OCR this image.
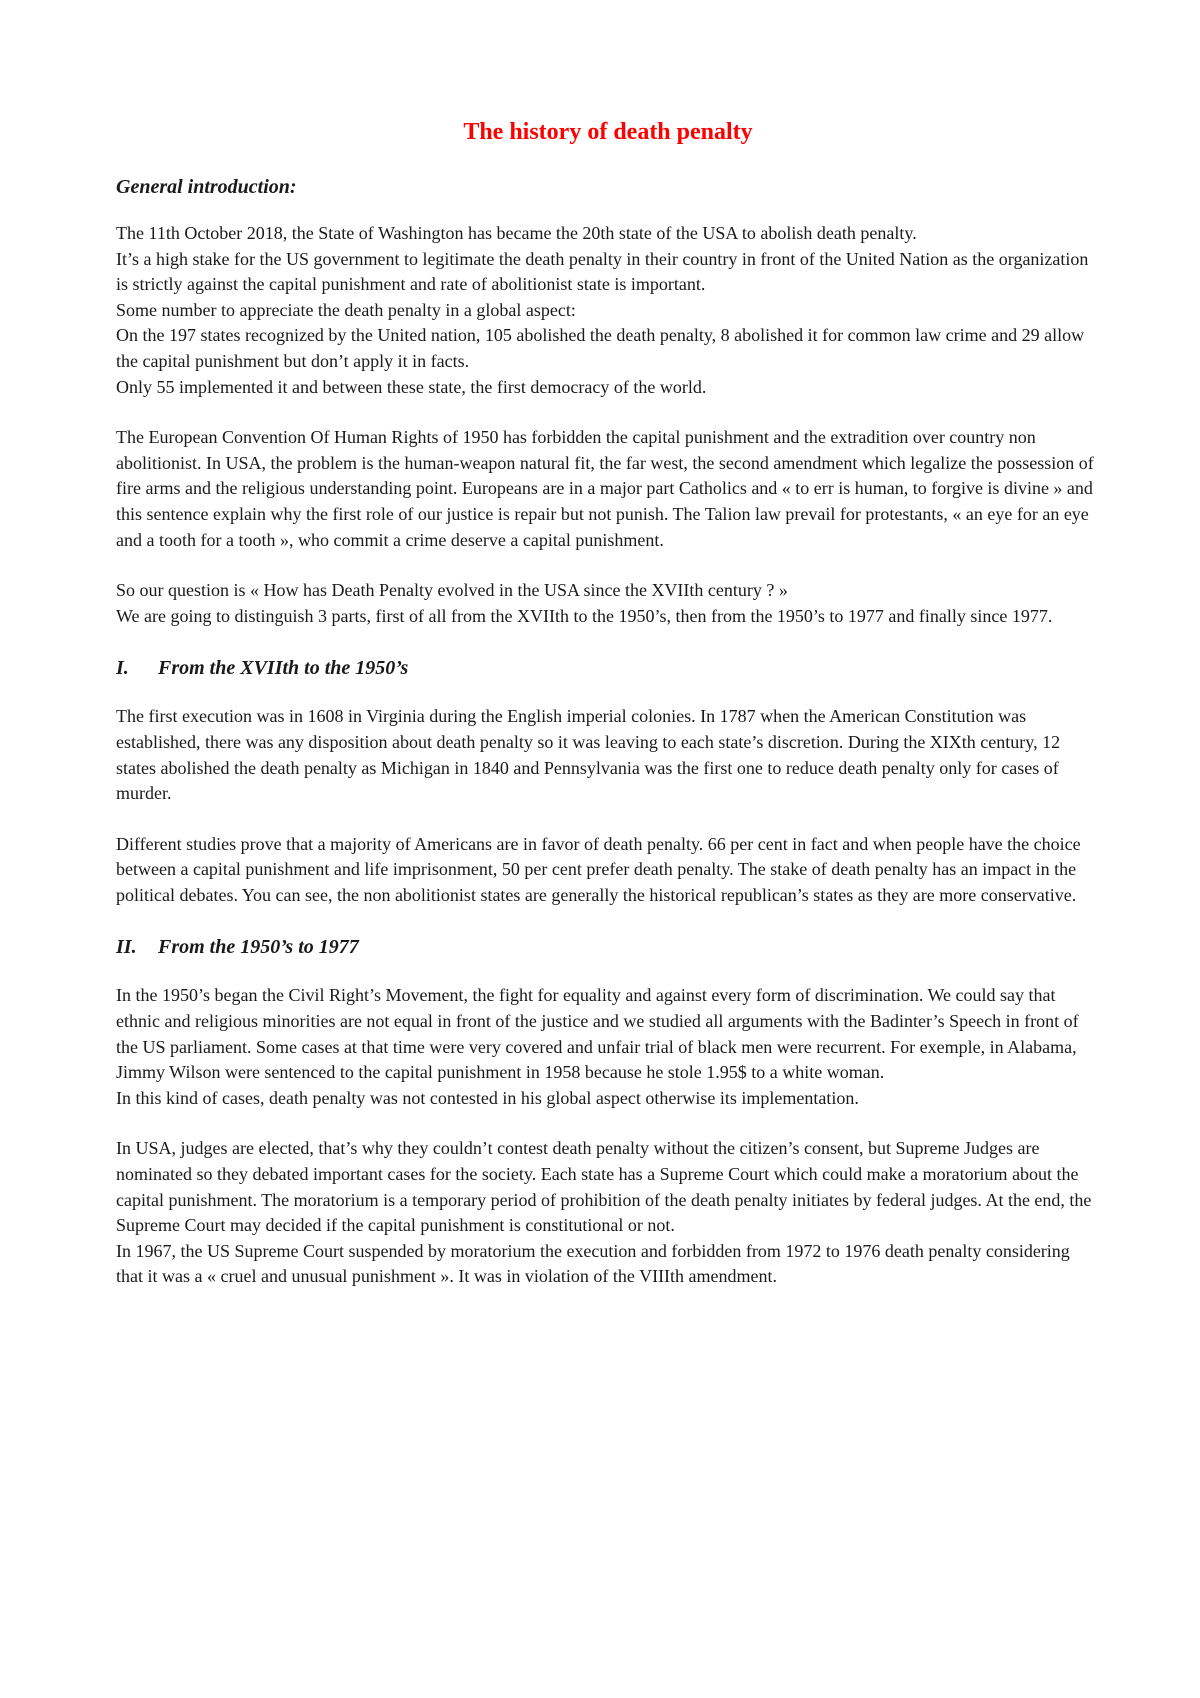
The history of death penalty
General introduction:
The 11th October 2018, the State of Washington has became the 20th state of the USA to abolish death penalty.
It’s a high stake for the US government to legitimate the death penalty in their country in front of the United Nation as the organization is strictly against the capital punishment and rate of abolitionist state is important.
Some number to appreciate the death penalty in a global aspect:
On the 197 states recognized by the United nation, 105 abolished the death penalty, 8 abolished it for common law crime and 29 allow the capital punishment but don’t apply it in facts.
Only 55 implemented it and between these state, the first democracy of the world.
The European Convention Of Human Rights of 1950 has forbidden the capital punishment and the extradition over country non abolitionist. In USA, the problem is the human-weapon natural fit, the far west, the second amendment which legalize the possession of fire arms and the religious understanding point. Europeans are in a major part Catholics and « to err is human, to forgive is divine » and this sentence explain why the first role of our justice is repair but not punish. The Talion law prevail for protestants, « an eye for an eye and a tooth for a tooth », who commit a crime deserve a capital punishment.
So our question is « How has Death Penalty evolved in the USA since the XVIIth century ? »
We are going to distinguish 3 parts, first of all from the XVIIth to the 1950’s, then from the 1950’s to 1977 and finally since 1977.
I.	From the XVIIth to the 1950’s
The first execution was in 1608 in Virginia during the English imperial colonies. In 1787 when the American Constitution was established, there was any disposition about death penalty so it was leaving to each state’s discretion. During the XIXth century, 12 states abolished the death penalty as Michigan in 1840 and Pennsylvania was the first one to reduce death penalty only for cases of murder.
Different studies prove that a majority of Americans are in favor of death penalty. 66 per cent in fact and when people have the choice between a capital punishment and life imprisonment, 50 per cent prefer death penalty. The stake of death penalty has an impact in the political debates. You can see, the non abolitionist states are generally the historical republican’s states as they are more conservative.
II.	From the 1950’s to 1977
In the 1950’s began the Civil Right’s Movement, the fight for equality and against every form of discrimination. We could say that ethnic and religious minorities are not equal in front of the justice and we studied all arguments with the Badinter’s Speech in front of the US parliament. Some cases at that time were very covered and unfair trial of black men were recurrent. For exemple, in Alabama, Jimmy Wilson were sentenced to the capital punishment in 1958 because he stole 1.95$ to a white woman.
In this kind of cases, death penalty was not contested in his global aspect otherwise its implementation.
In USA, judges are elected, that’s why they couldn’t contest death penalty without the citizen’s consent, but Supreme Judges are nominated so they debated important cases for the society. Each state has a Supreme Court which could make a moratorium about the capital punishment. The moratorium is a temporary period of prohibition of the death penalty initiates by federal judges. At the end, the Supreme Court may decided if the capital punishment is constitutional or not.
In 1967, the US Supreme Court suspended by moratorium the execution and forbidden from 1972 to 1976 death penalty considering that it was a « cruel and unusual punishment ». It was in violation of the VIIIth amendment.
